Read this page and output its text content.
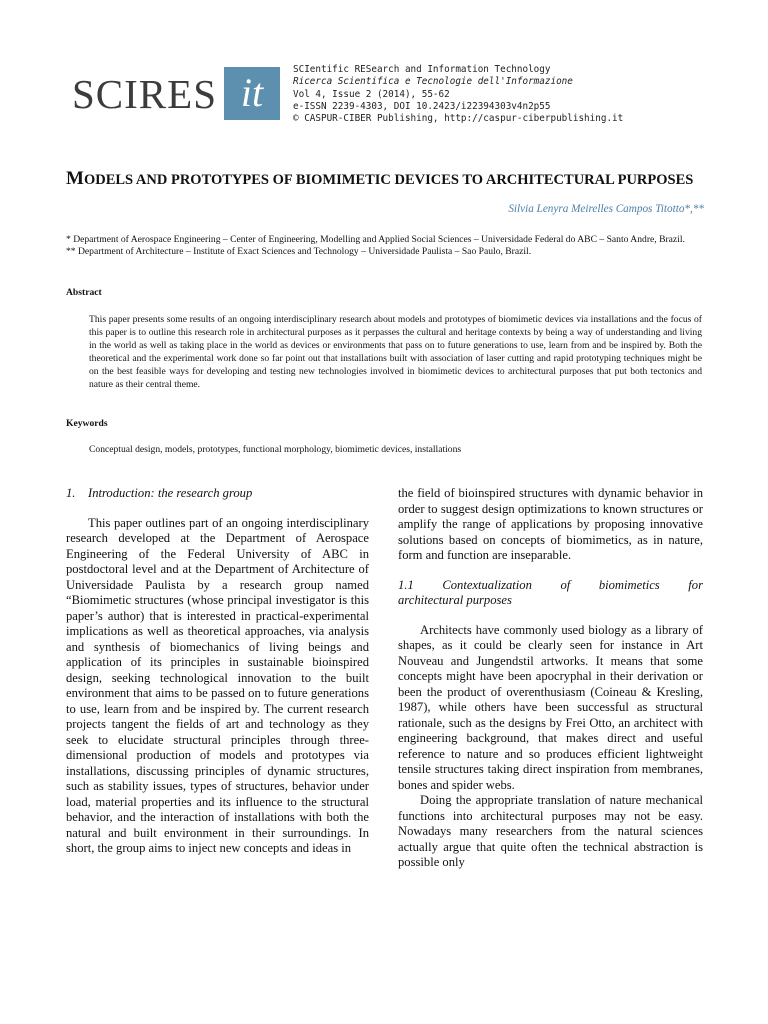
SCIRES it
SCIentific RESearch and Information Technology
Ricerca Scientifica e Tecnologie dell'Informazione
Vol 4, Issue 2 (2014), 55-62
e-ISSN 2239-4303, DOI 10.2423/i22394303v4n2p55
© CASPUR-CIBER Publishing, http://caspur-ciberpublishing.it
MODELS AND PROTOTYPES OF BIOMIMETIC DEVICES TO ARCHITECTURAL PURPOSES
Silvia Lenyra Meirelles Campos Titotto*,**
* Department of Aerospace Engineering – Center of Engineering, Modelling and Applied Social Sciences – Universidade Federal do ABC – Santo Andre, Brazil.
** Department of Architecture – Institute of Exact Sciences and Technology – Universidade Paulista – Sao Paulo, Brazil.
Abstract
This paper presents some results of an ongoing interdisciplinary research about models and prototypes of biomimetic devices via installations and the focus of this paper is to outline this research role in architectural purposes as it perpasses the cultural and heritage contexts by being a way of understanding and living in the world as well as taking place in the world as devices or environments that pass on to future generations to use, learn from and be inspired by. Both the theoretical and the experimental work done so far point out that installations built with association of laser cutting and rapid prototyping techniques might be on the best feasible ways for developing and testing new technologies involved in biomimetic devices to architectural purposes that put both tectonics and nature as their central theme.
Keywords
Conceptual design, models, prototypes, functional morphology, biomimetic devices, installations
1. Introduction: the research group

This paper outlines part of an ongoing interdisciplinary research developed at the Department of Aerospace Engineering of the Federal University of ABC in postdoctoral level and at the Department of Architecture of Universidade Paulista by a research group named “Biomimetic structures (whose principal investigator is this paper’s author) that is interested in practical-experimental implications as well as theoretical approaches, via analysis and synthesis of biomechanics of living beings and application of its principles in sustainable bioinspired design, seeking technological innovation to the built environment that aims to be passed on to future generations to use, learn from and be inspired by. The current research projects tangent the fields of art and technology as they seek to elucidate structural principles through three-dimensional production of models and prototypes via installations, discussing principles of dynamic structures, such as stability issues, types of structures, behavior under load, material properties and its influence to the structural behavior, and the interaction of installations with both the natural and built environment in their surroundings. In short, the group aims to inject new concepts and ideas in

the field of bioinspired structures with dynamic behavior in order to suggest design optimizations to known structures or amplify the range of applications by proposing innovative solutions based on concepts of biomimetics, as in nature, form and function are inseparable.

1.1 Contextualization of biomimetics for
architectural purposes

Architects have commonly used biology as a library of shapes, as it could be clearly seen for instance in Art Nouveau and Jungendstil artworks. It means that some concepts might have been apocryphal in their derivation or been the product of overenthusiasm (Coineau & Kresling, 1987), while others have been successful as structural rationale, such as the designs by Frei Otto, an architect with engineering background, that makes direct and useful reference to nature and so produces efficient lightweight tensile structures taking direct inspiration from membranes, bones and spider webs.

Doing the appropriate translation of nature mechanical functions into architectural purposes may not be easy. Nowadays many researchers from the natural sciences actually argue that quite often the technical abstraction is possible only
